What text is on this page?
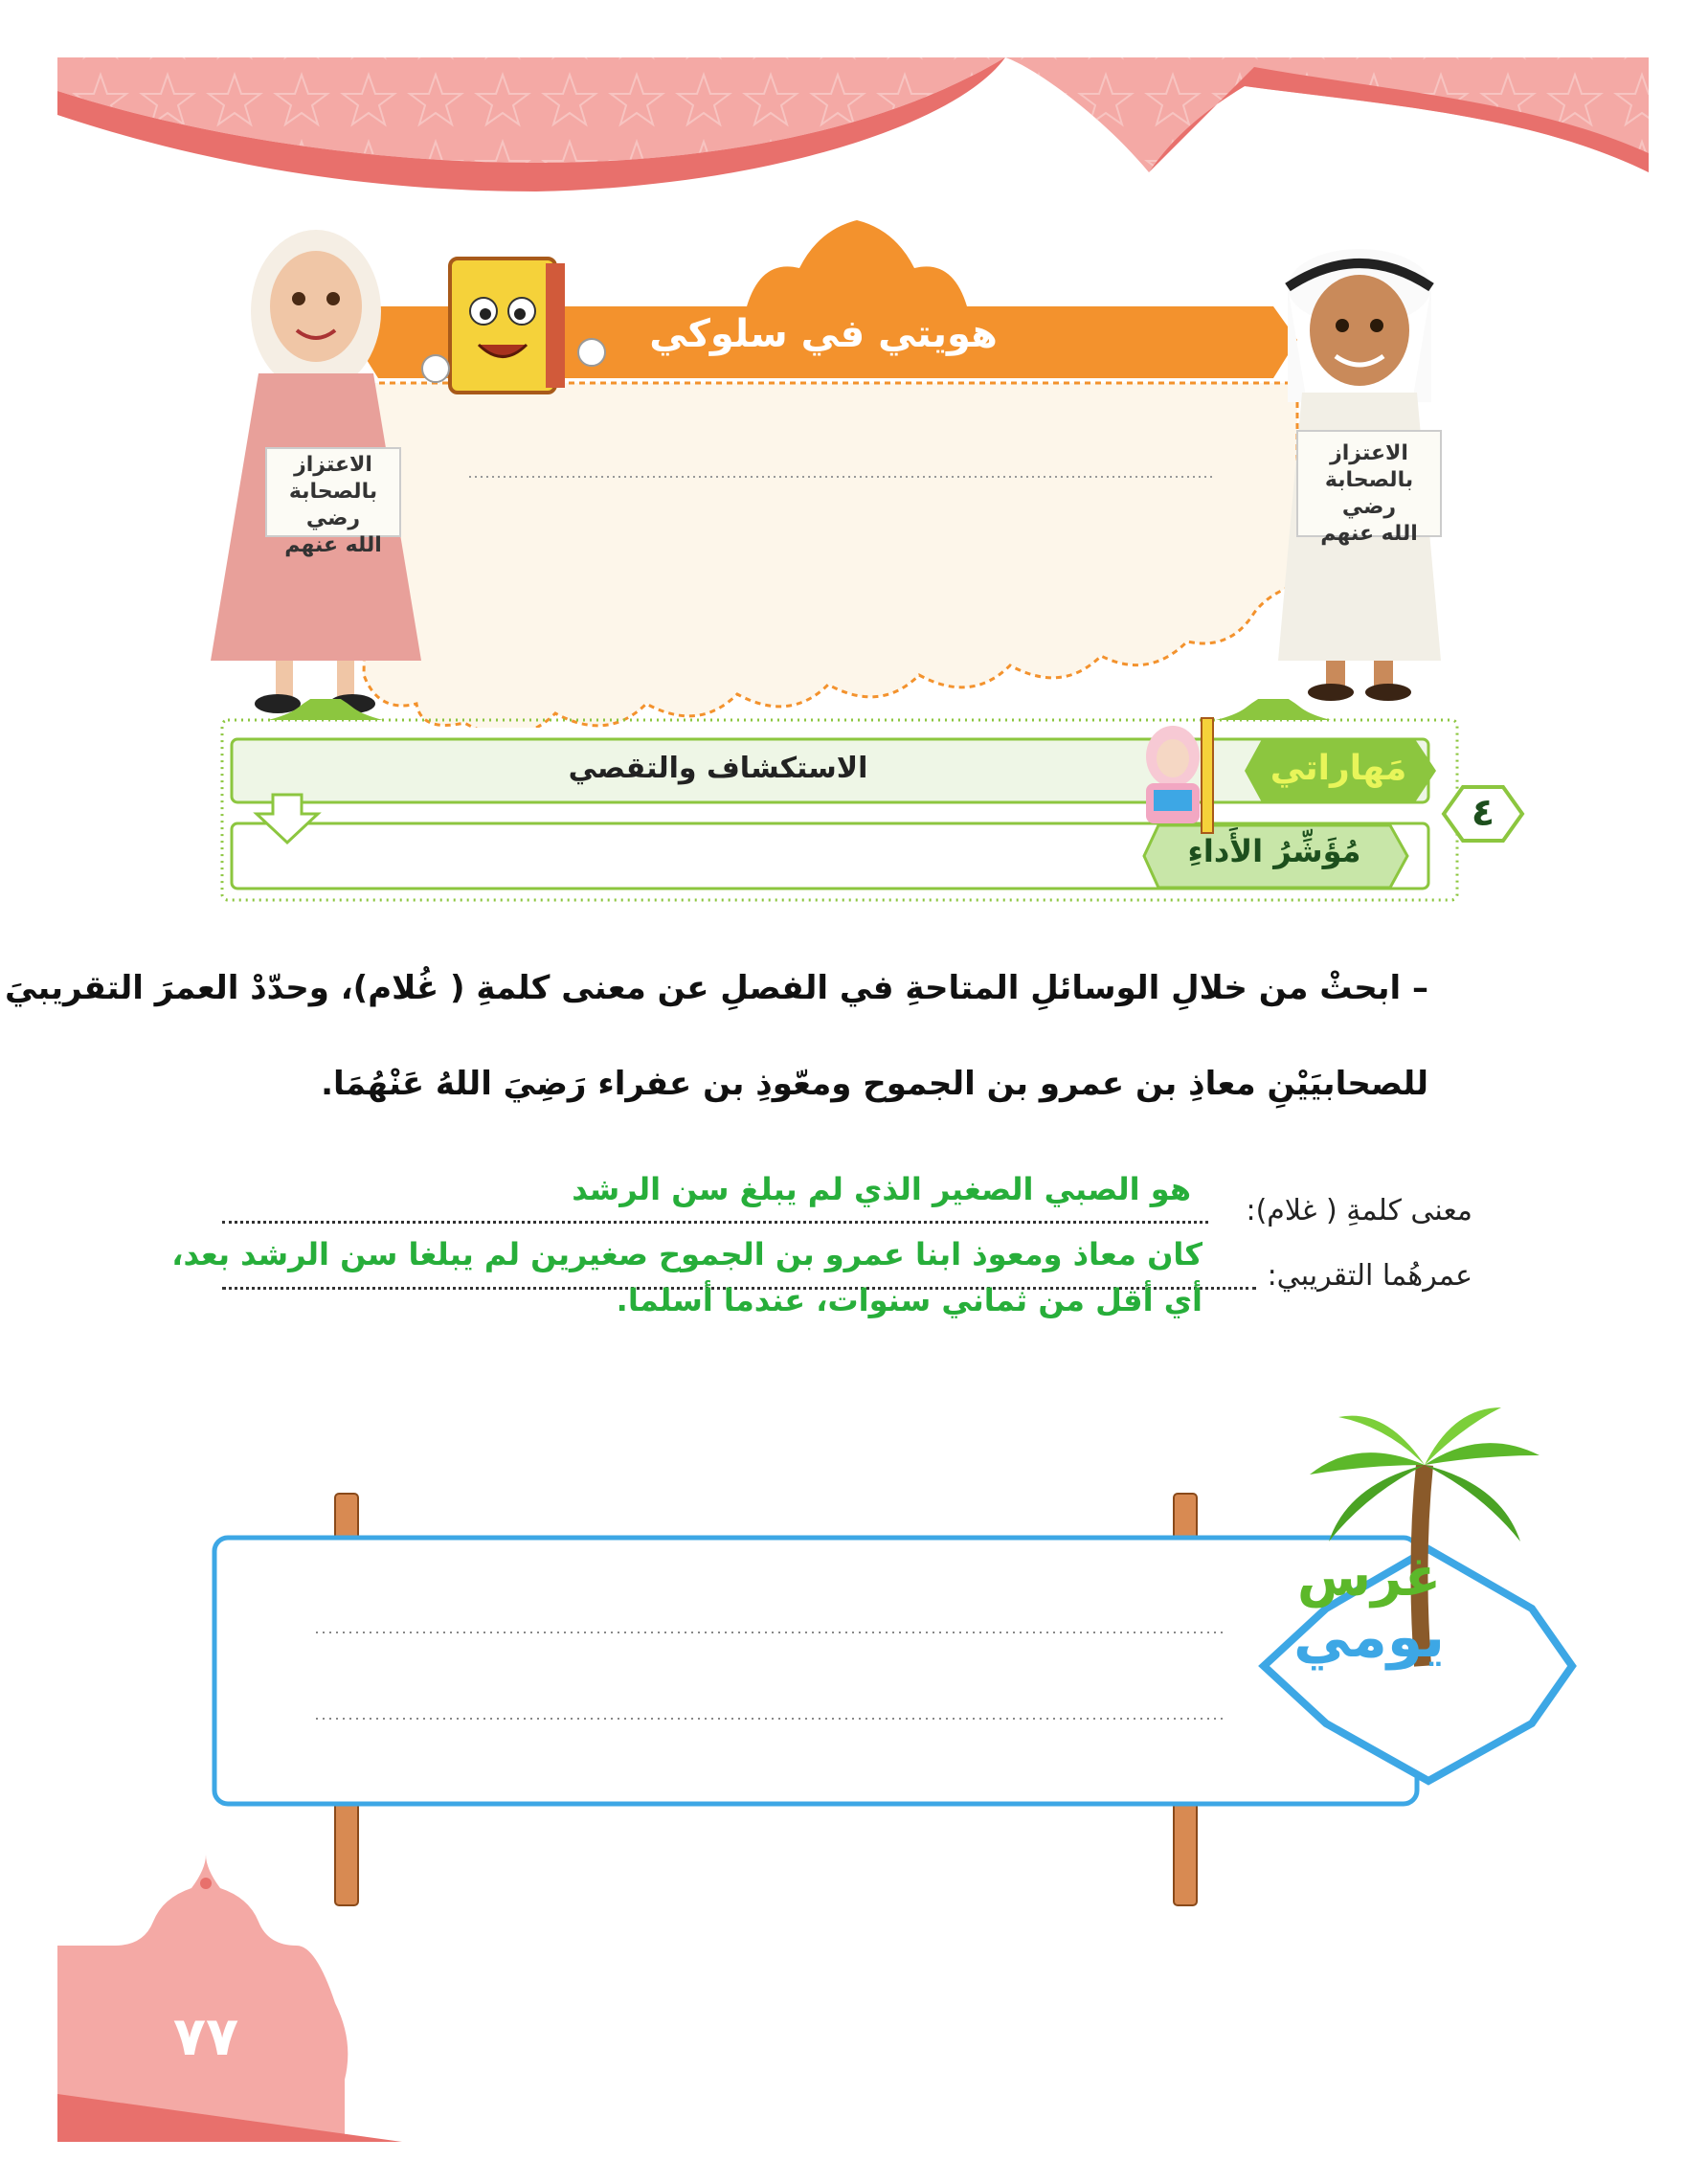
هويتي في سلوكي
الاعتزاز
بالصحابة رضي
الله عنهم
الاعتزاز
بالصحابة رضي
الله عنهم
مَهاراتي
الاستكشاف والتقصي
مُؤَشِّرُ الأَداءِ
٤
– ابحثْ من خلالِ الوسائلِ المتاحةِ في الفصلِ عن معنى كلمةِ ( غُلام)، وحدّدْ العمرَ التقريبيَ
للصحابيَيْنِ معاذِ بن عمرو بن الجموح ومعّوذِ بن عفراء رَضِيَ اللهُ عَنْهُمَا.
معنى كلمةِ ( غلام):
هو الصبي الصغير الذي لم يبلغ سن الرشد
عمرهُما التقريبي:
كان معاذ ومعوذ ابنا عمرو بن الجموح صغيرين لم يبلغا سن الرشد بعد،
أي أقل من ثماني سنوات، عندما أسلما.
غرس
يومي
٧٧
